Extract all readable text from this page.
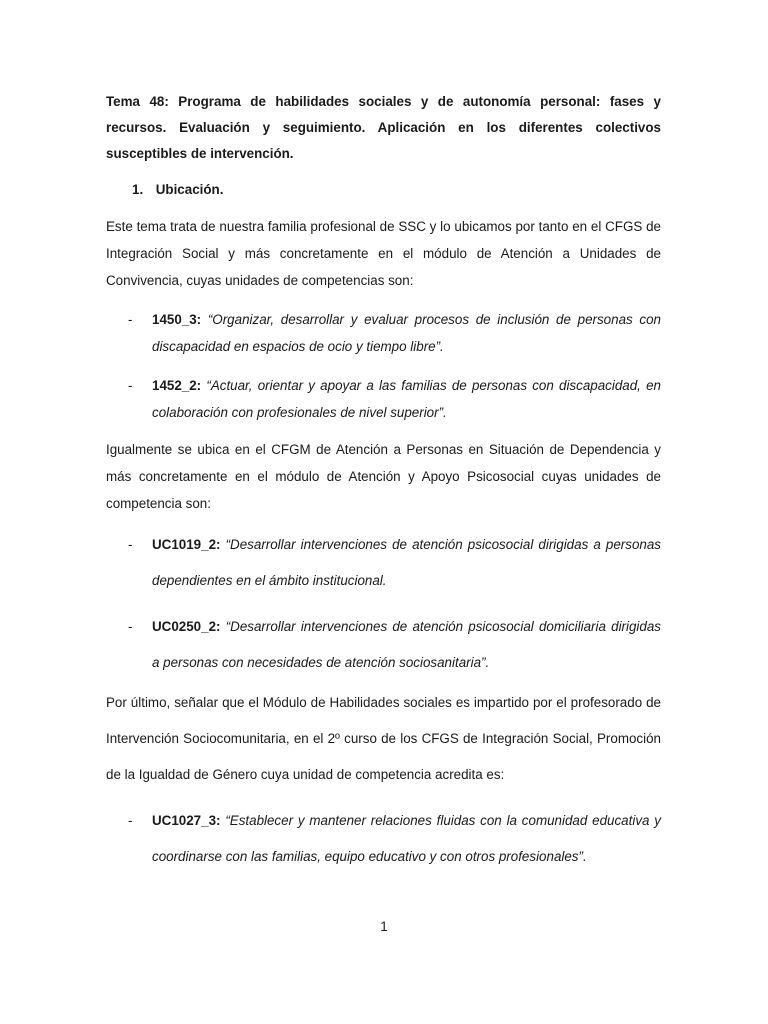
Tema 48: Programa de habilidades sociales y de autonomía personal: fases y recursos. Evaluación y seguimiento. Aplicación en los diferentes colectivos susceptibles de intervención.

1. Ubicación.

Este tema trata de nuestra familia profesional de SSC y lo ubicamos por tanto en el CFGS de Integración Social y más concretamente en el módulo de Atención a Unidades de Convivencia, cuyas unidades de competencias son:

- 1450_3: “Organizar, desarrollar y evaluar procesos de inclusión de personas con discapacidad en espacios de ocio y tiempo libre”.
- 1452_2: “Actuar, orientar y apoyar a las familias de personas con discapacidad, en colaboración con profesionales de nivel superior”.

Igualmente se ubica en el CFGM de Atención a Personas en Situación de Dependencia y más concretamente en el módulo de Atención y Apoyo Psicosocial cuyas unidades de competencia son:

- UC1019_2: “Desarrollar intervenciones de atención psicosocial dirigidas a personas dependientes en el ámbito institucional.
- UC0250_2: “Desarrollar intervenciones de atención psicosocial domiciliaria dirigidas a personas con necesidades de atención sociosanitaria”.

Por último, señalar que el Módulo de Habilidades sociales es impartido por el profesorado de Intervención Sociocomunitaria, en el 2º curso de los CFGS de Integración Social, Promoción de la Igualdad de Género cuya unidad de competencia acredita es:

- UC1027_3: “Establecer y mantener relaciones fluidas con la comunidad educativa y coordinarse con las familias, equipo educativo y con otros profesionales”.
1
